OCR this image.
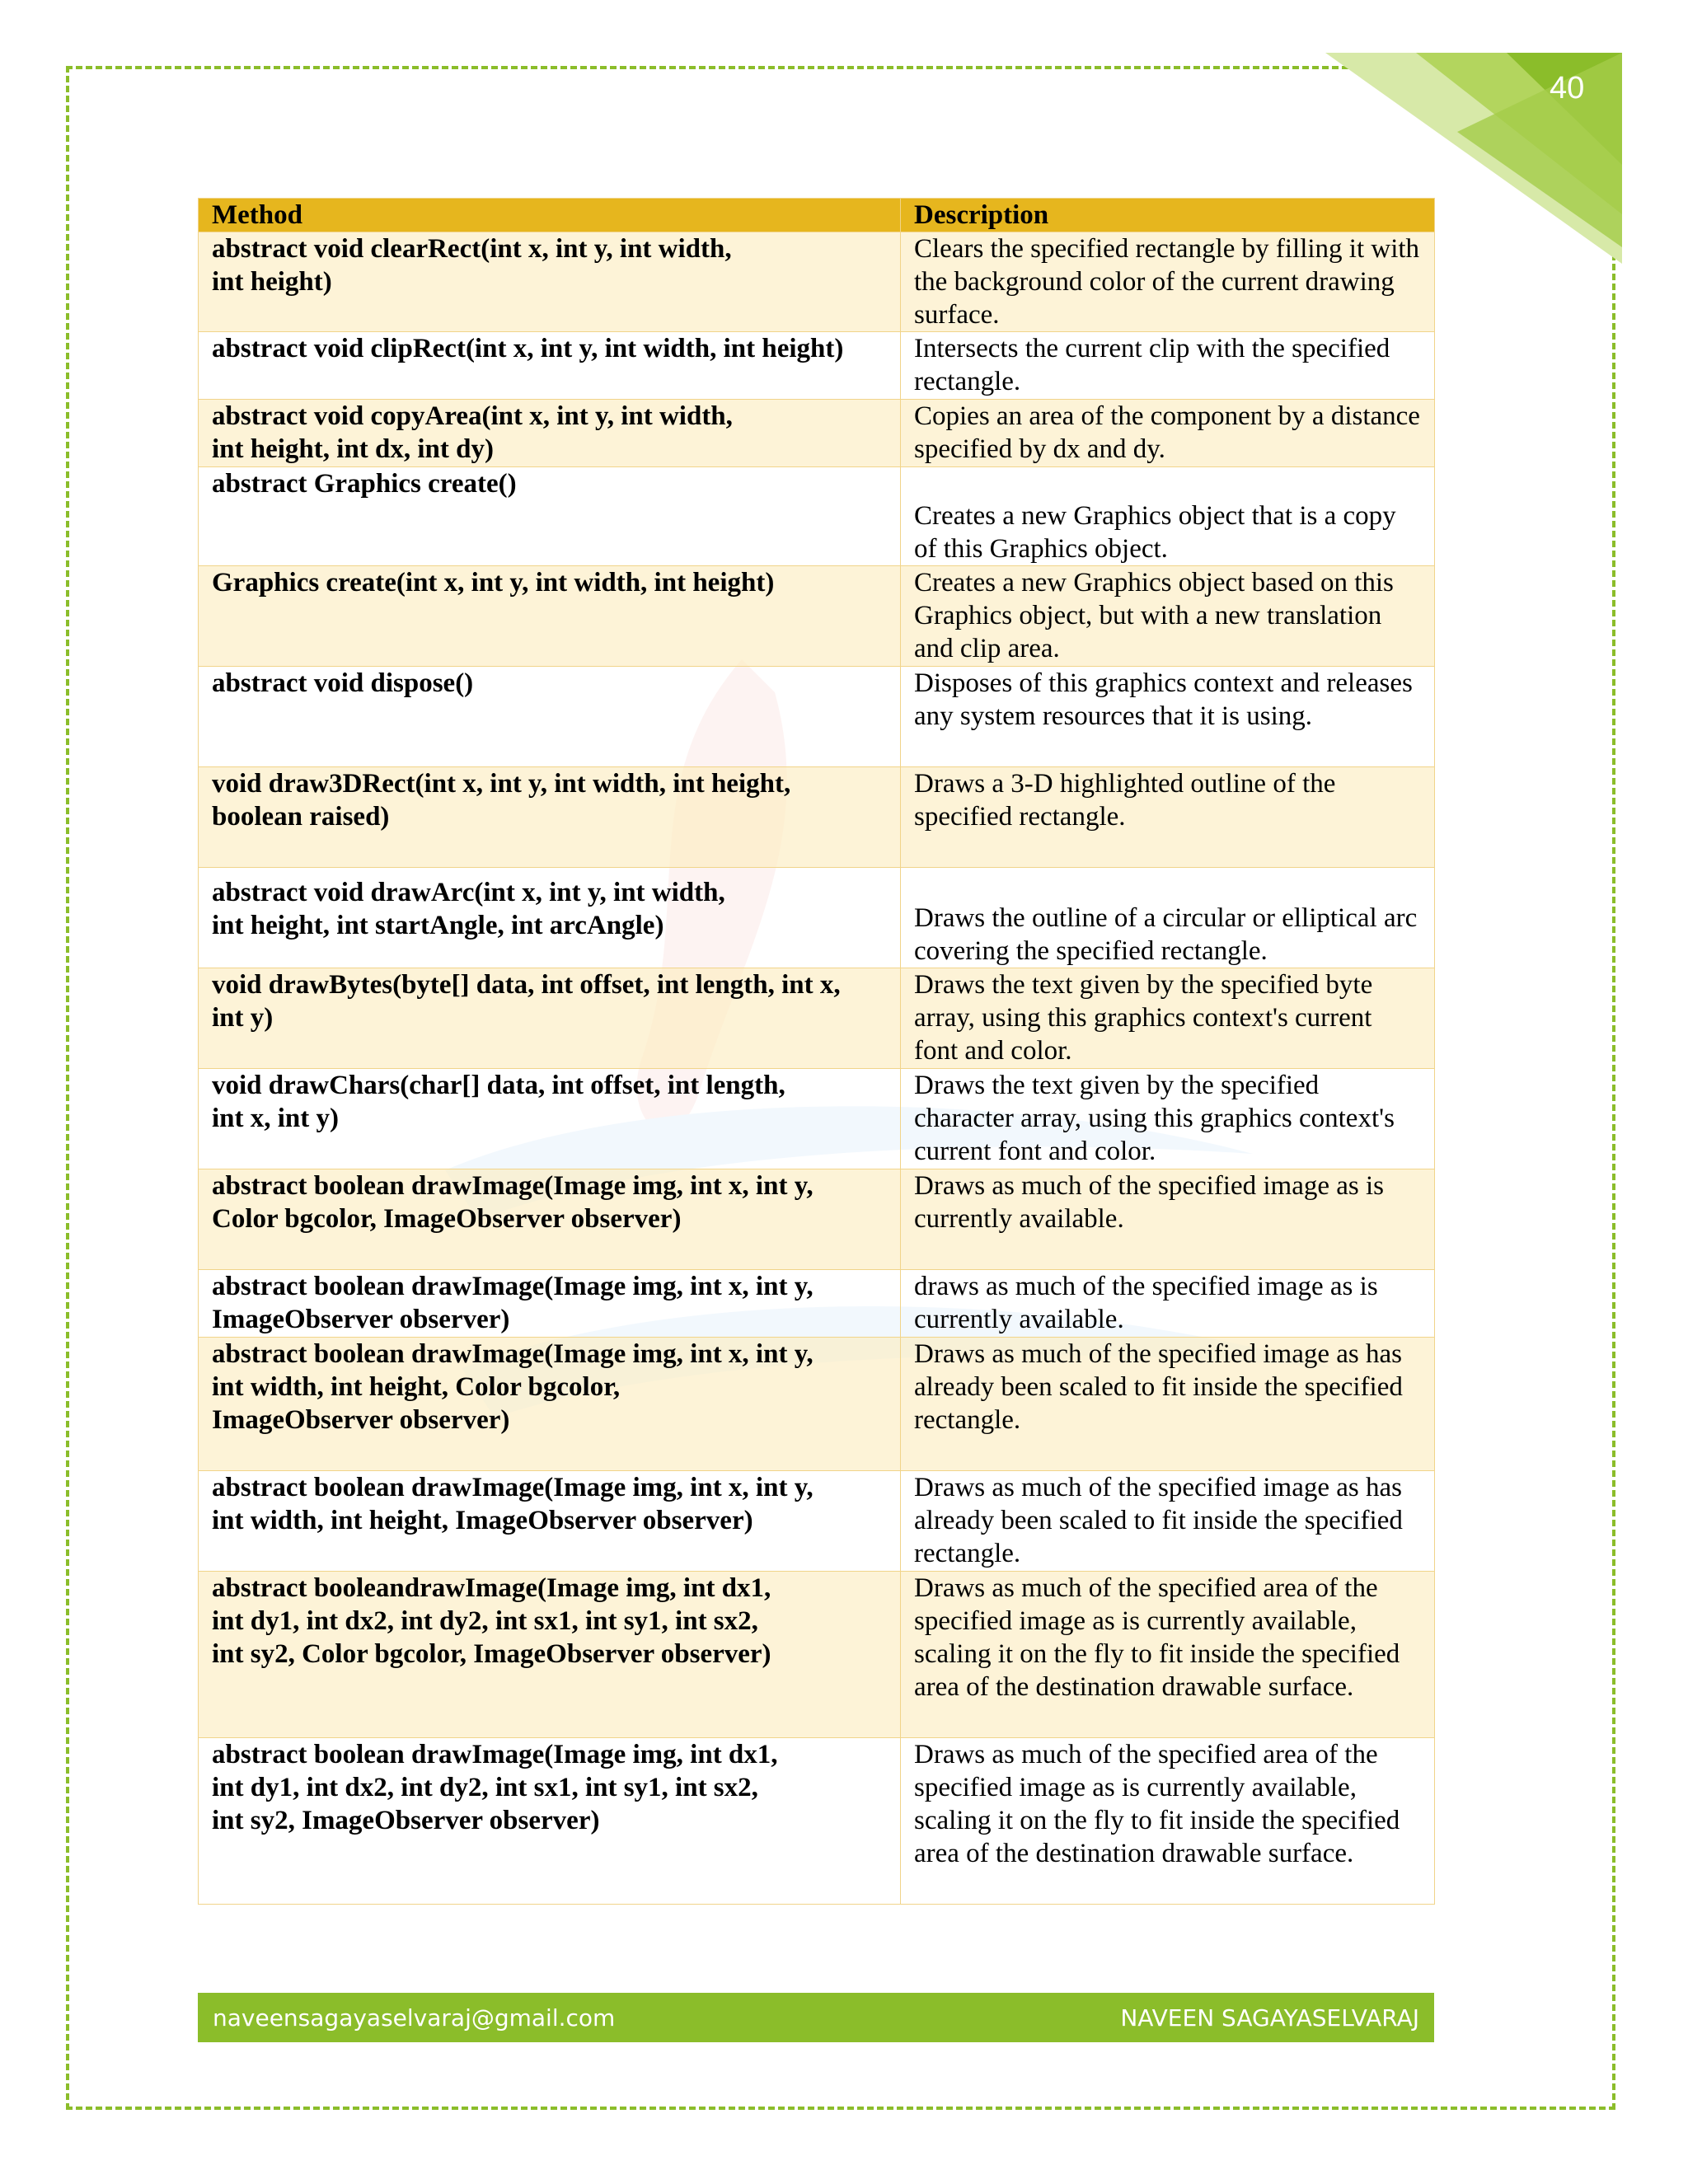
40
Method	Description
abstract void clearRect(int x, int y, int width,
int height)	Clears the specified rectangle by filling it with the background color of the current drawing surface.
abstract void clipRect(int x, int y, int width, int height)	Intersects the current clip with the specified rectangle.
abstract void copyArea(int x, int y, int width,
int height, int dx, int dy)	Copies an area of the component by a distance specified by dx and dy.
abstract Graphics create()	Creates a new Graphics object that is a copy of this Graphics object.
Graphics create(int x, int y, int width, int height)	Creates a new Graphics object based on this Graphics object, but with a new translation and clip area.
abstract void dispose()	Disposes of this graphics context and releases any system resources that it is using.
void draw3DRect(int x, int y, int width, int height,
boolean raised)	Draws a 3-D highlighted outline of the specified rectangle.
abstract void drawArc(int x, int y, int width,
int height, int startAngle, int arcAngle)	Draws the outline of a circular or elliptical arc covering the specified rectangle.
void drawBytes(byte[] data, int offset, int length, int x,
int y)	Draws the text given by the specified byte array, using this graphics context's current font and color.
void drawChars(char[] data, int offset, int length,
int x, int y)	Draws the text given by the specified character array, using this graphics context's current font and color.
abstract boolean drawImage(Image img, int x, int y,
Color bgcolor, ImageObserver observer)	Draws as much of the specified image as is currently available.
abstract boolean drawImage(Image img, int x, int y,
ImageObserver observer)	draws as much of the specified image as is currently available.
abstract boolean drawImage(Image img, int x, int y,
int width, int height, Color bgcolor,
ImageObserver observer)	Draws as much of the specified image as has already been scaled to fit inside the specified rectangle.
abstract boolean drawImage(Image img, int x, int y,
int width, int height, ImageObserver observer)	Draws as much of the specified image as has already been scaled to fit inside the specified rectangle.
abstract booleandrawImage(Image img, int dx1,
int dy1, int dx2, int dy2, int sx1, int sy1, int sx2,
int sy2, Color bgcolor, ImageObserver observer)	Draws as much of the specified area of the specified image as is currently available, scaling it on the fly to fit inside the specified area of the destination drawable surface.
abstract boolean drawImage(Image img, int dx1,
int dy1, int dx2, int dy2, int sx1, int sy1, int sx2,
int sy2, ImageObserver observer)	Draws as much of the specified area of the specified image as is currently available, scaling it on the fly to fit inside the specified area of the destination drawable surface.
naveensagayaselvaraj@gmail.com	NAVEEN SAGAYASELVARAJ
